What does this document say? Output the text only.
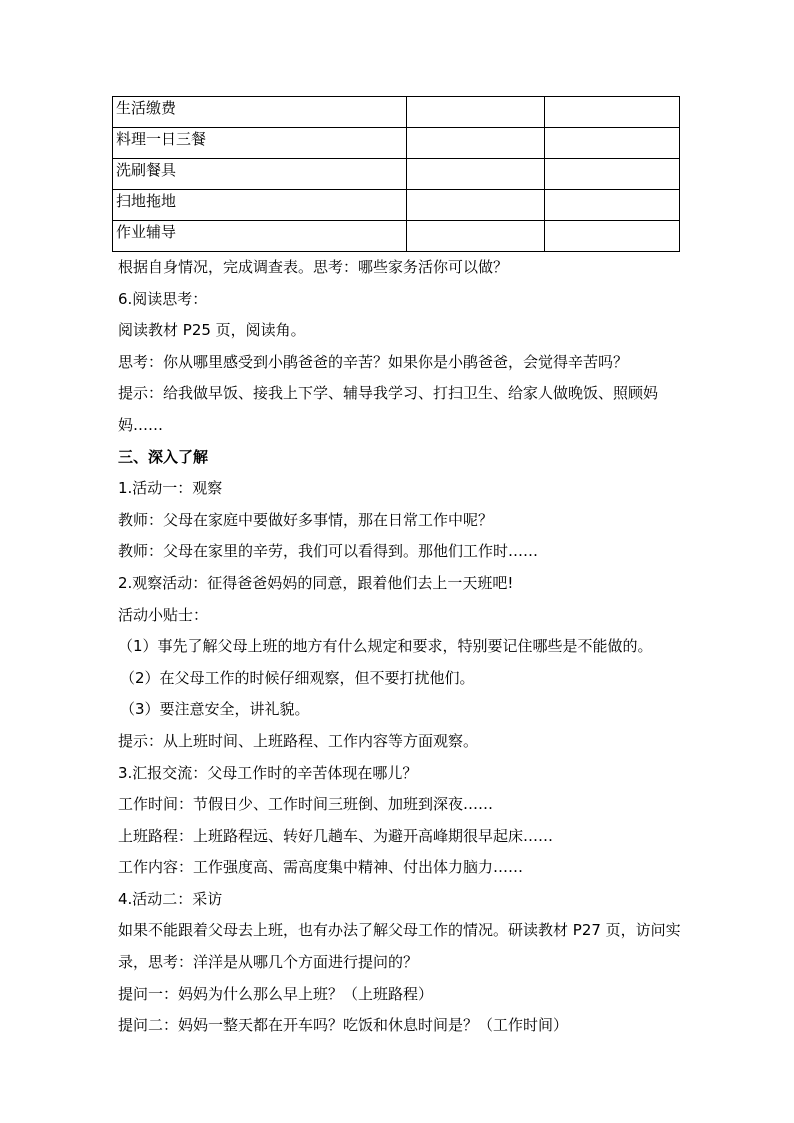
生活缴费		
料理一日三餐		
洗刷餐具		
扫地拖地		
作业辅导		
根据自身情况，完成调查表。思考：哪些家务活你可以做？
6.阅读思考：
阅读教材 P25 页，阅读角。
思考：你从哪里感受到小鹃爸爸的辛苦？如果你是小鹃爸爸，会觉得辛苦吗？
提示：给我做早饭、接我上下学、辅导我学习、打扫卫生、给家人做晚饭、照顾妈妈……
三、深入了解
1.活动一：观察
教师：父母在家庭中要做好多事情，那在日常工作中呢？
教师：父母在家里的辛劳，我们可以看得到。那他们工作时……
2.观察活动：征得爸爸妈妈的同意，跟着他们去上一天班吧!
活动小贴士：
（1）事先了解父母上班的地方有什么规定和要求，特别要记住哪些是不能做的。
（2）在父母工作的时候仔细观察，但不要打扰他们。
（3）要注意安全，讲礼貌。
提示：从上班时间、上班路程、工作内容等方面观察。
3.汇报交流：父母工作时的辛苦体现在哪儿？
工作时间：节假日少、工作时间三班倒、加班到深夜……
上班路程：上班路程远、转好几趟车、为避开高峰期很早起床……
工作内容：工作强度高、需高度集中精神、付出体力脑力……
4.活动二：采访
如果不能跟着父母去上班，也有办法了解父母工作的情况。研读教材 P27 页，访问实录，思考：洋洋是从哪几个方面进行提问的？
提问一：妈妈为什么那么早上班？（上班路程）
提问二：妈妈一整天都在开车吗？吃饭和休息时间是？（工作时间）
